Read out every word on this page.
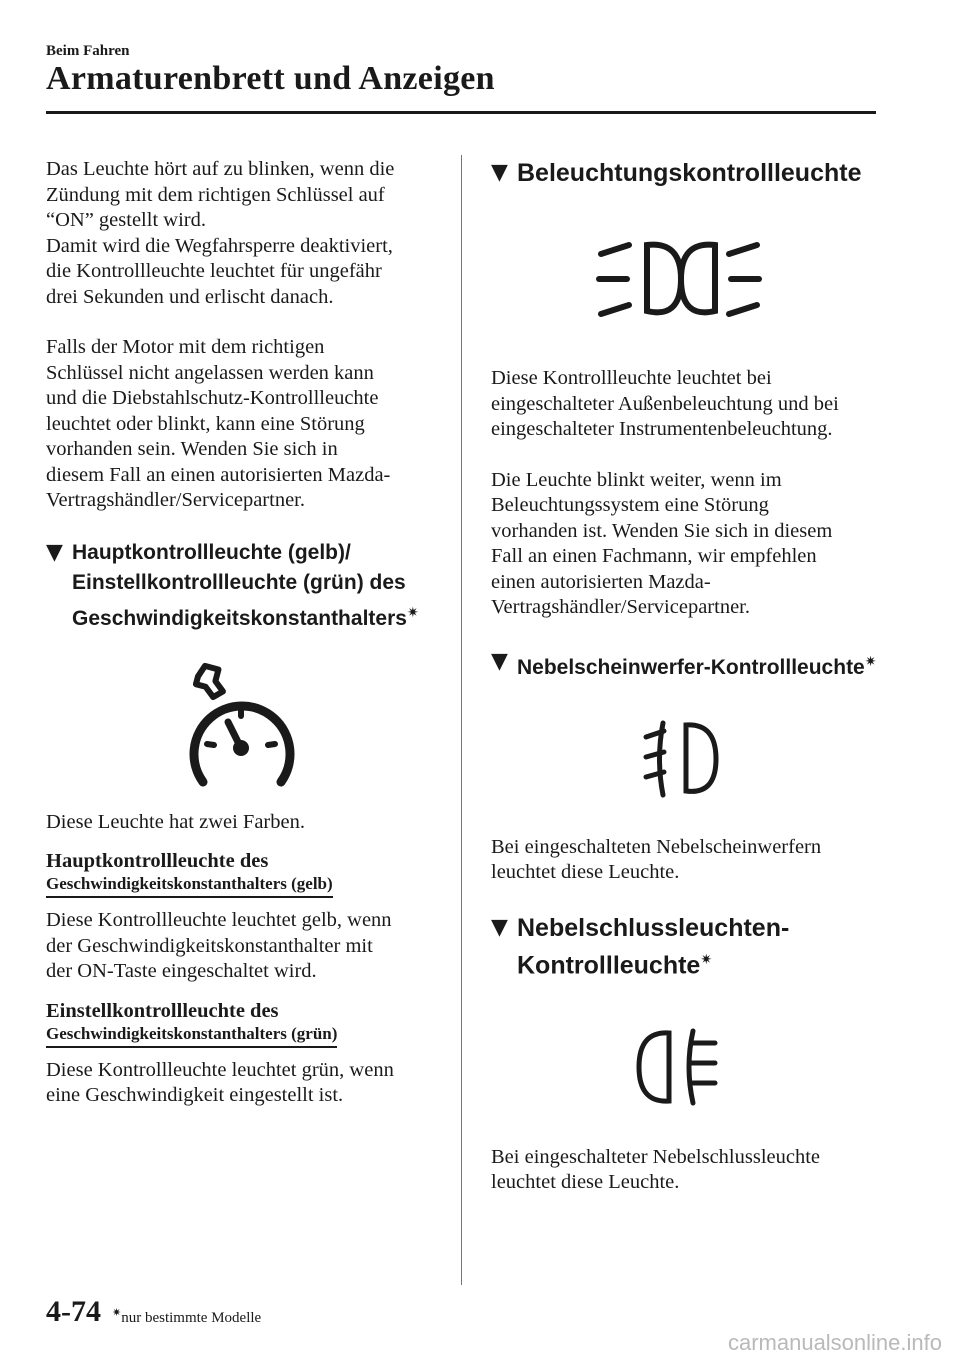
Beim Fahren
Armaturenbrett und Anzeigen

Das Leuchte hört auf zu blinken, wenn die
Zündung mit dem richtigen Schlüssel auf
“ON” gestellt wird.
Damit wird die Wegfahrsperre deaktiviert,
die Kontrollleuchte leuchtet für ungefähr
drei Sekunden und erlischt danach.

Falls der Motor mit dem richtigen
Schlüssel nicht angelassen werden kann
und die Diebstahlschutz-Kontrollleuchte
leuchtet oder blinkt, kann eine Störung
vorhanden sein. Wenden Sie sich in
diesem Fall an einen autorisierten Mazda-
Vertragshändler/Servicepartner.

▼ Hauptkontrollleuchte (gelb)/
Einstellkontrollleuchte (grün) des
Geschwindigkeitskonstanthalters✷

Diese Leuchte hat zwei Farben.

Hauptkontrollleuchte des
Geschwindigkeitskonstanthalters (gelb)

Diese Kontrollleuchte leuchtet gelb, wenn
der Geschwindigkeitskonstanthalter mit
der ON-Taste eingeschaltet wird.

Einstellkontrollleuchte des
Geschwindigkeitskonstanthalters (grün)

Diese Kontrollleuchte leuchtet grün, wenn
eine Geschwindigkeit eingestellt ist.

▼ Beleuchtungskontrollleuchte

Diese Kontrollleuchte leuchtet bei
eingeschalteter Außenbeleuchtung und bei
eingeschalteter Instrumentenbeleuchtung.

Die Leuchte blinkt weiter, wenn im
Beleuchtungssystem eine Störung
vorhanden ist. Wenden Sie sich in diesem
Fall an einen Fachmann, wir empfehlen
einen autorisierten Mazda-
Vertragshändler/Servicepartner.

▼ Nebelscheinwerfer-Kontrollleuchte✷

Bei eingeschalteten Nebelscheinwerfern
leuchtet diese Leuchte.

▼ Nebelschlussleuchten-
Kontrollleuchte✷

Bei eingeschalteter Nebelschlussleuchte
leuchtet diese Leuchte.

4-74 ✷nur bestimmte Modelle
carmanualsonline.info
